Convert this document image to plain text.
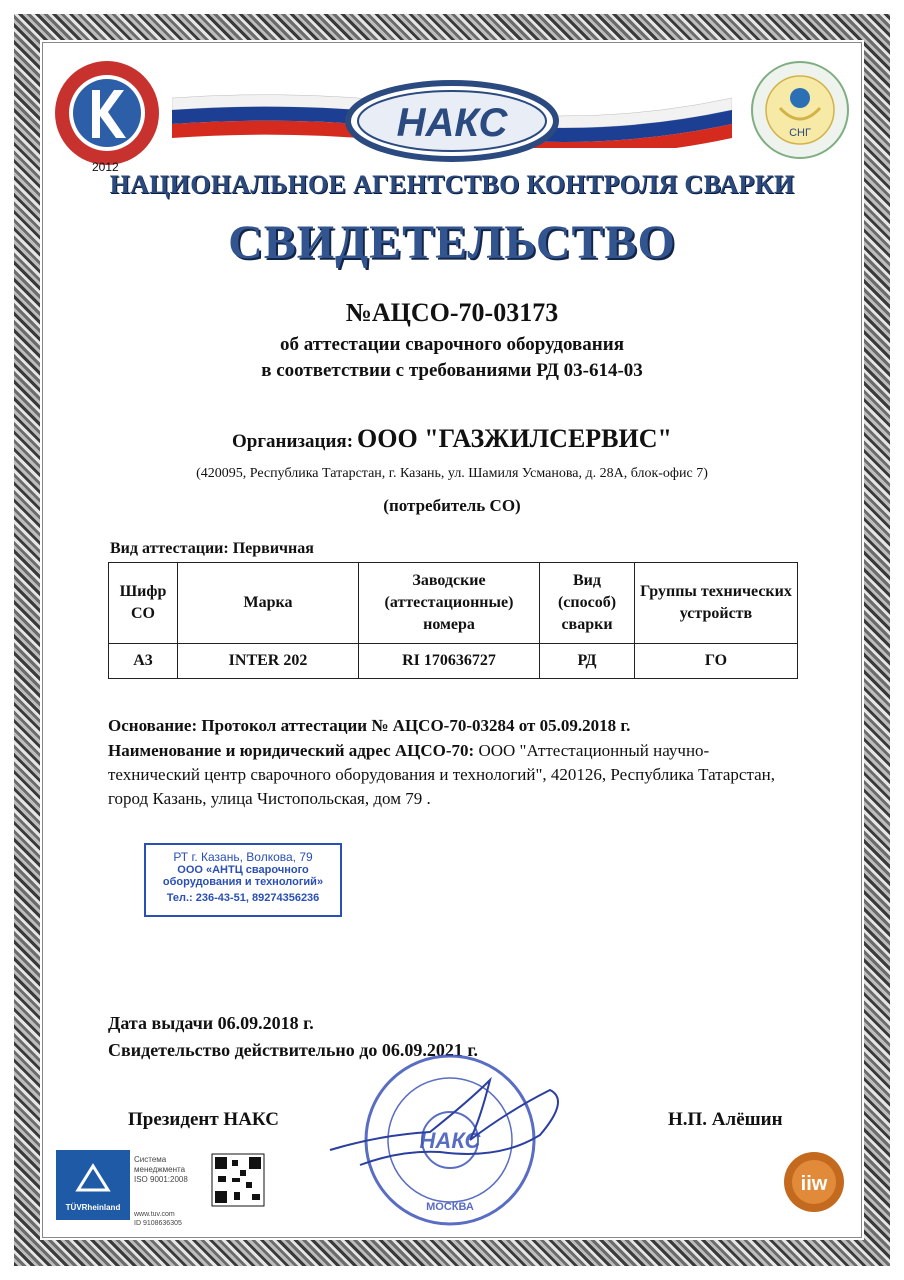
2012
НАКС	СНГ
НАЦИОНАЛЬНОЕ АГЕНТСТВО КОНТРОЛЯ СВАРКИ
СВИДЕТЕЛЬСТВО
№АЦСО-70-03173
об аттестации сварочного оборудования
в соответствии с требованиями РД 03-614-03
Организация: ООО "ГАЗЖИЛСЕРВИС"
(420095, Республика Татарстан, г. Казань, ул. Шамиля Усманова, д. 28А, блок-офис 7)
(потребитель СО)
Вид аттестации: Первичная
Шифр СО	Марка	Заводские (аттестационные) номера	Вид (способ) сварки	Группы технических устройств
А3	INTER 202	RI 170636727	РД	ГО
Основание: Протокол аттестации № АЦСО-70-03284 от 05.09.2018 г.
Наименование и юридический адрес АЦСО-70: ООО "Аттестационный научно-технический центр сварочного оборудования и технологий", 420126, Республика Татарстан, город Казань, улица Чистопольская, дом 79 .
РТ г. Казань, Волкова, 79
ООО «АНТЦ сварочного
оборудования и технологий»
Тел.: 236-43-51, 89274356236
Дата выдачи 06.09.2018 г.
Свидетельство действительно до 06.09.2021 г.
НАКС
МОСКВА
Президент НАКС	Н.П. Алёшин
TÜVRheinland
Система
менеджмента
ISO 9001:2008
www.tuv.com
ID 9108636305
iiw
